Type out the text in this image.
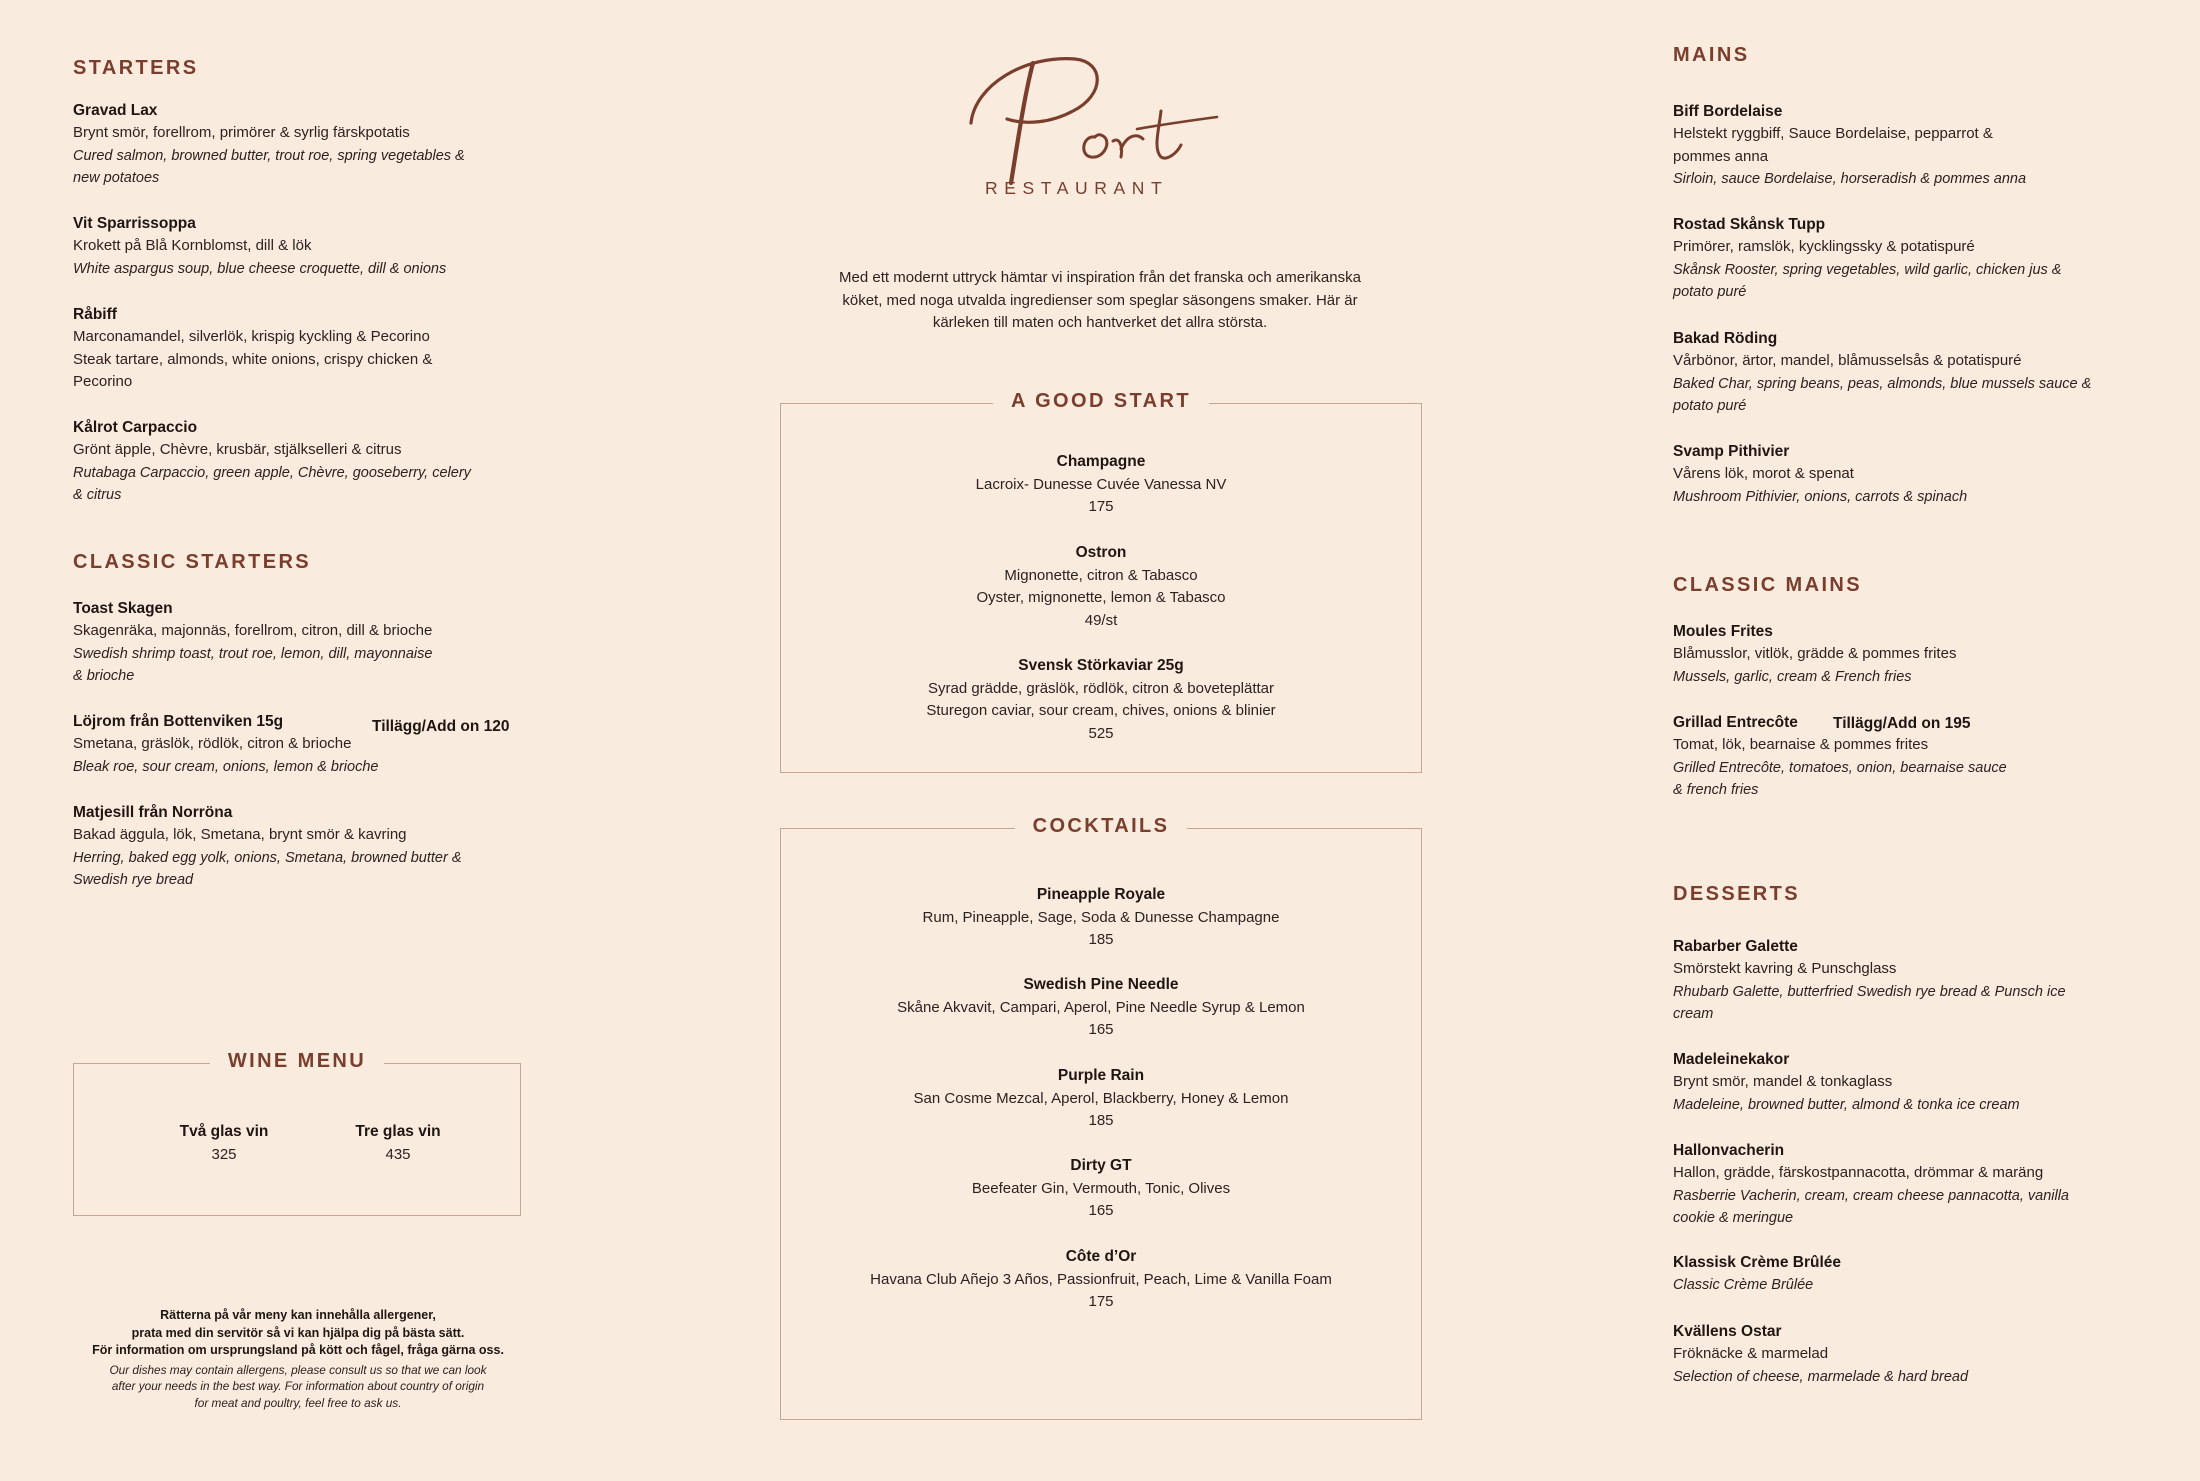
STARTERS
Gravad Lax
Brynt smör, forellrom, primörer & syrlig färskpotatis
Cured salmon, browned butter, trout roe, spring vegetables &
new potatoes
Vit Sparrissoppa
Krokett på Blå Kornblomst, dill & lök
White aspargus soup, blue cheese croquette, dill & onions
Råbiff
Marconamandel, silverlök, krispig kyckling & Pecorino
Steak tartare, almonds, white onions, crispy chicken &
Pecorino
Kålrot Carpaccio
Grönt äpple, Chèvre, krusbär, stjälkselleri & citrus
Rutabaga Carpaccio, green apple, Chèvre, gooseberry, celery
& citrus
CLASSIC STARTERS
Toast Skagen
Skagenräka, majonnäs, forellrom, citron, dill & brioche
Swedish shrimp toast, trout roe, lemon, dill, mayonnaise
& brioche
Löjrom från Bottenviken 15g
Smetana, gräslök, rödlök, citron & brioche
Bleak roe, sour cream, onions, lemon & brioche
Tillägg/Add on 120
Matjesill från Norröna
Bakad äggula, lök, Smetana, brynt smör & kavring
Herring, baked egg yolk, onions, Smetana, browned butter &
Swedish rye bread
WINE MENU
Två glas vin
325
Tre glas vin
435
Rätterna på vår meny kan innehålla allergener,
prata med din servitör så vi kan hjälpa dig på bästa sätt.
För information om ursprungsland på kött och fågel, fråga gärna oss.
Our dishes may contain allergens, please consult us so that we can look
after your needs in the best way. For information about country of origin
for meat and poultry, feel free to ask us.
Port
RESTAURANT
Med ett modernt uttryck hämtar vi inspiration från det franska och amerikanska
köket, med noga utvalda ingredienser som speglar säsongens smaker. Här är
kärleken till maten och hantverket det allra största.
A GOOD START
Champagne
Lacroix- Dunesse Cuvée Vanessa NV
175
Ostron
Mignonette, citron & Tabasco
Oyster, mignonette, lemon & Tabasco
49/st
Svensk Störkaviar 25g
Syrad grädde, gräslök, rödlök, citron & boveteplättar
Sturegon caviar, sour cream, chives, onions & blinier
525
COCKTAILS
Pineapple Royale
Rum, Pineapple, Sage, Soda & Dunesse Champagne
185
Swedish Pine Needle
Skåne Akvavit, Campari, Aperol, Pine Needle Syrup & Lemon
165
Purple Rain
San Cosme Mezcal, Aperol, Blackberry, Honey & Lemon
185
Dirty GT
Beefeater Gin, Vermouth, Tonic, Olives
165
Côte d’Or
Havana Club Añejo 3 Años, Passionfruit, Peach, Lime & Vanilla Foam
175
MAINS
Biff Bordelaise
Helstekt ryggbiff, Sauce Bordelaise, pepparrot &
pommes anna
Sirloin, sauce Bordelaise, horseradish & pommes anna
Rostad Skånsk Tupp
Primörer, ramslök, kycklingssky & potatispuré
Skånsk Rooster, spring vegetables, wild garlic, chicken jus &
potato puré
Bakad Röding
Vårbönor, ärtor, mandel, blåmusselsås & potatispuré
Baked Char, spring beans, peas, almonds, blue mussels sauce &
potato puré
Svamp Pithivier
Vårens lök, morot & spenat
Mushroom Pithivier, onions, carrots & spinach
CLASSIC MAINS
Moules Frites
Blåmusslor, vitlök, grädde & pommes frites
Mussels, garlic, cream & French fries
Grillad Entrecôte
Tomat, lök, bearnaise & pommes frites
Grilled Entrecôte, tomatoes, onion, bearnaise sauce
& french fries
Tillägg/Add on 195
DESSERTS
Rabarber Galette
Smörstekt kavring & Punschglass
Rhubarb Galette, butterfried Swedish rye bread & Punsch ice
cream
Madeleinekakor
Brynt smör, mandel & tonkaglass
Madeleine, browned butter, almond & tonka ice cream
Hallonvacherin
Hallon, grädde, färskostpannacotta, drömmar & maräng
Rasberrie Vacherin, cream, cream cheese pannacotta, vanilla
cookie & meringue
Klassisk Crème Brûlée
Classic Crème Brûlée
Kvällens Ostar
Fröknäcke & marmelad
Selection of cheese, marmelade & hard bread
